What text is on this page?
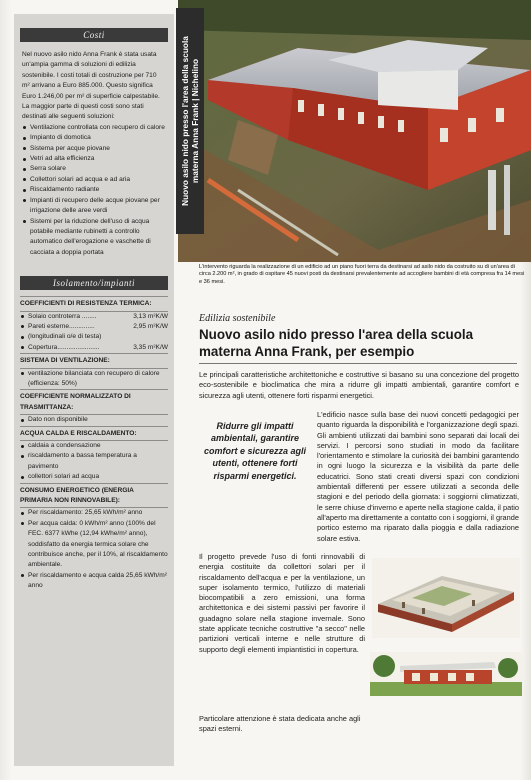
Costi

Nel nuovo asilo nido Anna Frank è stata usata un'ampia gamma di soluzioni di edilizia sostenibile. I costi totali di costruzione per 710 m² arrivano a Euro 885.000. Questo significa Euro 1.246,00 per m² di superficie calpestabile.

La maggior parte di questi costi sono stati destinati alle seguenti soluzioni:

Ventilazione controllata con recupero di calore
Impianto di domotica
Sistema per acque piovane
Vetri ad alta efficienza
Serra solare
Collettori solari ad acqua e ad aria
Riscaldamento radiante
Impianti di recupero delle acque piovane per irrigazione delle aree verdi
Sistemi per la riduzione dell'uso di acqua potabile mediante rubinetti a controllo automatico dell'erogazione e vaschette di cacciata a doppia portata
Isolamento/impianti
COEFFICIENTI DI RESISTENZA TERMICA:
Solaio controterra ........	3,13 m²K/W
Pareti esterne..............	2,95 m²K/W
(longitudinali o/e di testa)
Copertura.......................	3,35 m²K/W
SISTEMA DI VENTILAZIONE:
ventilazione bilanciata con recupero di calore (efficienza: 50%)
COEFFICIENTE NORMALIZZATO DI TRASMITTANZA:
Dato non disponibile
ACQUA CALDA E RISCALDAMENTO:
caldaia a condensazione
riscaldamento a bassa temperatura a pavimento
collettori solari ad acqua
CONSUMO ENERGETICO (ENERGIA PRIMARIA NON RINNOVABILE):
Per riscaldamento: 25,65 kWh/m² anno
Per acqua calda: 0 kWh/m² anno (100% del FEC. 6377 kWhe (12,94 kWhe/m² anno), soddisfatto da energia termica solare che contribuisce anche, per il 10%, al riscaldamento ambientale.
Per riscaldamento e acqua calda 25,65 kWh/m² anno
Nuovo asilo nido presso l'area della scuola materna Anna Frank | Nichelino

L'intervento riguarda la realizzazione di un edificio ad un piano fuori terra da destinarsi ad asilo nido da costruito su di un'area di circa 2.200 m², in grado di ospitare 45 nuovi posti da destinarsi prevalentemente ad accogliere bambini di età compresa fra 14 mesi e 36 mesi.

Edilizia sostenibile
Nuovo asilo nido presso l'area della scuola materna Anna Frank, per esempio

Le principali caratteristiche architettoniche e costruttive si basano su una concezione del progetto eco-sostenibile e bioclimatica che mira a ridurre gli impatti ambientali, garantire comfort e sicurezza agli utenti, ottenere forti risparmi energetici.

Ridurre gli impatti ambientali, garantire comfort e sicurezza agli utenti, ottenere forti risparmi energetici.

L'edificio nasce sulla base dei nuovi concetti pedagogici per quanto riguarda la disponibilità e l'organizzazione degli spazi. Gli ambienti utilizzati dai bambini sono separati dai locali dei servizi. I percorsi sono studiati in modo da facilitare l'orientamento e stimolare la curiosità dei bambini garantendo in ogni luogo la sicurezza e la visibilità da parte delle educatrici. Sono stati creati diversi spazi con condizioni ambientali differenti per essere utilizzati a seconda delle stagioni e del periodo della giornata: i soggiorni climatizzati, le serre chiuse d'inverno e aperte nella stagione calda, il patio all'aperto ma direttamente a contatto con i soggiorni, il grande portico esterno ma riparato dalla pioggia e dalla radiazione solare estiva.

Il progetto prevede l'uso di fonti rinnovabili di energia costituite da collettori solari per il riscaldamento dell'acqua e per la ventilazione, un super isolamento termico, l'utilizzo di materiali biocompatibili a zero emissioni, una forma architettonica e dei sistemi passivi per favorire il guadagno solare nella stagione invernale. Sono state applicate tecniche costruttive "a secco" nelle partizioni verticali interne e nelle strutture di supporto degli elementi impiantistici in copertura.

Particolare attenzione è stata dedicata anche agli spazi esterni.
